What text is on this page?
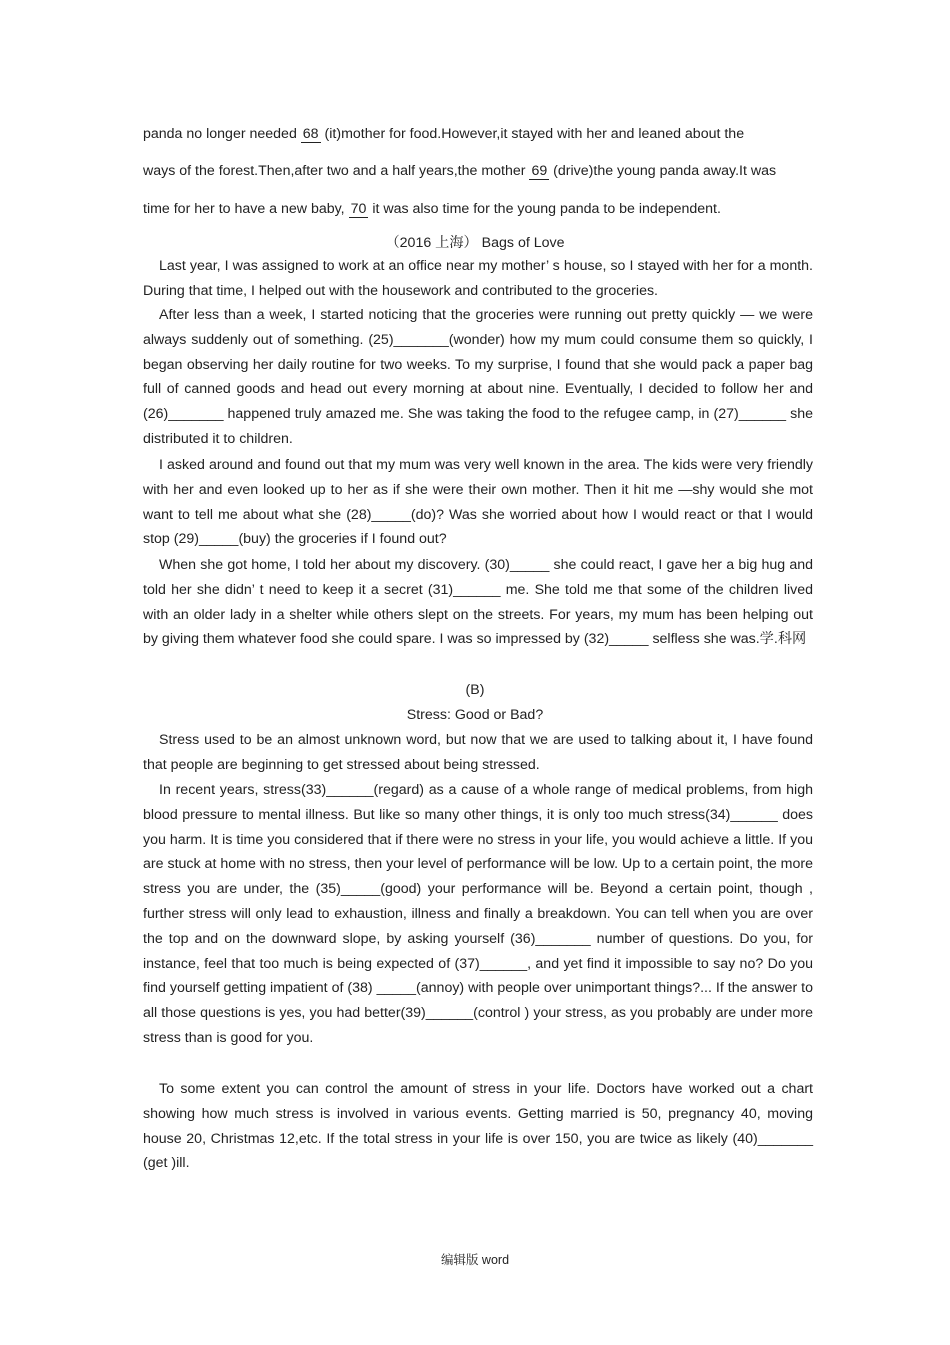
panda no longer needed 68 (it)mother for food.However,it stayed with her and leaned about the
ways of the forest.Then,after two and a half years,the mother 69 (drive)the young panda away.It was
time for her to have a new baby, 70 it was also time for the young panda to be independent.
（2016 上海） Bags of Love
Last year, I was assigned to work at an office near my mother’ s house, so I stayed with her for a month. During that time, I helped out with the housework and contributed to the groceries.
After less than a week, I started noticing that the groceries were running out pretty quickly — we were always suddenly out of something. (25)_______(wonder) how my mum could consume them so quickly, I began observing her daily routine for two weeks. To my surprise, I found that she would pack a paper bag full of canned goods and head out every morning at about nine. Eventually, I decided to follow her and (26)_______ happened truly amazed me. She was taking the food to the refugee camp, in (27)______ she distributed it to children.
I asked around and found out that my mum was very well known in the area. The kids were very friendly with her and even looked up to her as if she were their own mother. Then it hit me —shy would she mot want to tell me about what she (28)_____(do)? Was she worried about how I would react or that I would stop (29)_____(buy) the groceries if I found out?
When she got home, I told her about my discovery. (30)_____ she could react, I gave her a big hug and told her she didn’ t need to keep it a secret (31)______ me. She told me that some of the children lived with an older lady in a shelter while others slept on the streets. For years, my mum has been helping out by giving them whatever food she could spare. I was so impressed by (32)_____ selfless she was.学.科网
(B)
Stress: Good or Bad?
Stress used to be an almost unknown word, but now that we are used to talking about it, I have found that people are beginning to get stressed about being stressed.
In recent years, stress(33)______(regard) as a cause of a whole range of medical problems, from high blood pressure to mental illness. But like so many other things, it is only too much stress(34)______ does you harm. It is time you considered that if there were no stress in your life, you would achieve a little. If you are stuck at home with no stress, then your level of performance will be low. Up to a certain point, the more stress you are under, the (35)_____(good) your performance will be. Beyond a certain point, though , further stress will only lead to exhaustion, illness and finally a breakdown. You can tell when you are over the top and on the downward slope, by asking yourself (36)_______ number of questions. Do you, for instance, feel that too much is being expected of (37)______, and yet find it impossible to say no? Do you find yourself getting impatient of (38) _____(annoy) with people over unimportant things?... If the answer to all those questions is yes, you had better(39)______(control ) your stress, as you probably are under more stress than is good for you.
To some extent you can control the amount of stress in your life. Doctors have worked out a chart showing how much stress is involved in various events. Getting married is 50, pregnancy 40, moving house 20, Christmas 12,etc. If the total stress in your life is over 150, you are twice as likely (40)_______ (get )ill.
编辑版 word
